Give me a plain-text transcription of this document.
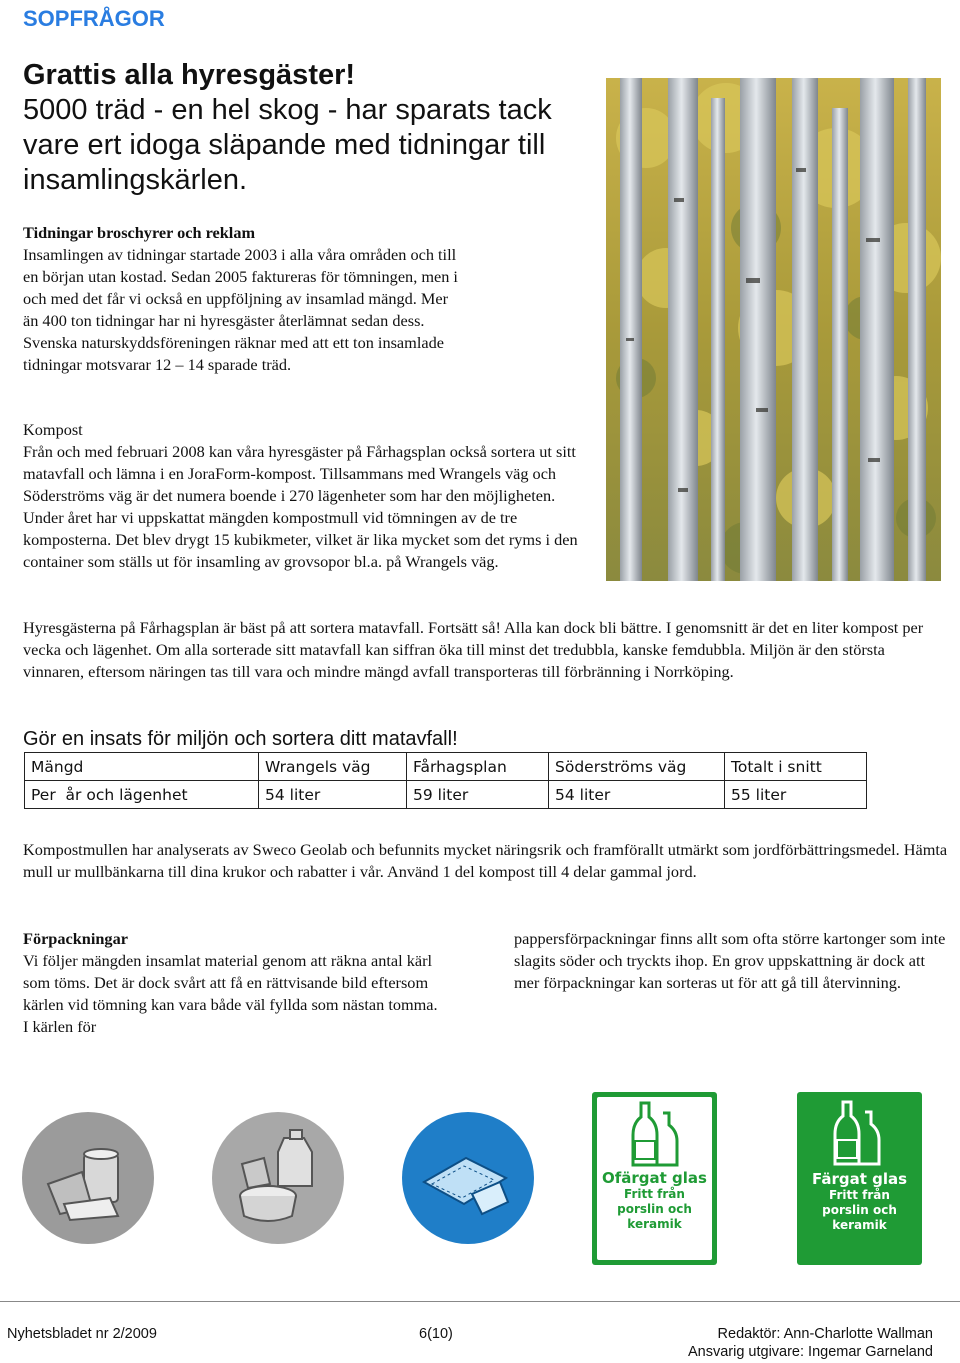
SOPFRÅGOR
Grattis alla hyresgäster!
5000 träd - en hel skog - har sparats tack vare ert idoga släpande med tidningar till insamlingskärlen.

Tidningar broschyrer och reklam

Insamlingen av tidningar startade 2003 i alla våra områden och till en början utan kostad. Sedan 2005 faktureras för tömningen, men i och med det får vi också en uppföljning av insamlad mängd. Mer än 400 ton tidningar har ni hyresgäster återlämnat sedan dess. Svenska naturskyddsföreningen räknar med att ett ton insamlade tidningar motsvarar 12 – 14 sparade träd.

Kompost

Från och med februari 2008 kan våra hyresgäster på Fårhagsplan också sortera ut sitt matavfall och lämna i en JoraForm-kompost. Tillsammans med Wrangels väg och Söderströms väg är det numera boende i 270 lägenheter som har den möjligheten. Under året har vi uppskattat mängden kompostmull vid tömningen av de tre komposterna. Det blev drygt 15 kubikmeter, vilket är lika mycket som det ryms i den container som ställs ut för insamling av grovsopor bl.a. på Wrangels väg.

Hyresgästerna på Fårhagsplan är bäst på att sortera matavfall. Fortsätt så! Alla kan dock bli bättre. I genomsnitt är det en liter kompost per vecka och lägenhet. Om alla sorterade sitt matavfall kan siffran öka till minst det tredubbla, kanske femdubbla. Miljön är den största vinnaren, eftersom näringen tas till vara och mindre mängd avfall transporteras till förbränning i Norrköping.
Gör en insats för miljön och sortera ditt matavfall!
Mängd	Wrangels väg	Fårhagsplan	Söderströms väg	Totalt i snitt
Per  år och lägenhet	54 liter	59 liter	54 liter	55 liter
Kompostmullen har analyserats av Sweco Geolab och befunnits mycket näringsrik och framförallt utmärkt som jordförbättringsmedel. Hämta mull ur mullbänkarna till dina krukor och rabatter i vår. Använd 1 del kompost till 4 delar gammal jord.

Förpackningar

Vi följer mängden insamlat material genom att räkna antal kärl som töms. Det är dock svårt att få en rättvisande bild eftersom kärlen vid tömning kan vara både väl fyllda som nästan tomma. I kärlen för

pappersförpackningar finns allt som ofta större kartonger som inte slagits söder och tryckts ihop. En grov uppskattning är dock att mer förpackningar kan sorteras ut för att gå till återvinning.
Ofärgat glas
Fritt från
porslin och
keramik
Färgat glas
Fritt från
porslin och
keramik
Nyhetsbladet nr 2/2009	6(10)	Redaktör: Ann-Charlotte Wallman
Ansvarig utgivare: Ingemar Garneland
